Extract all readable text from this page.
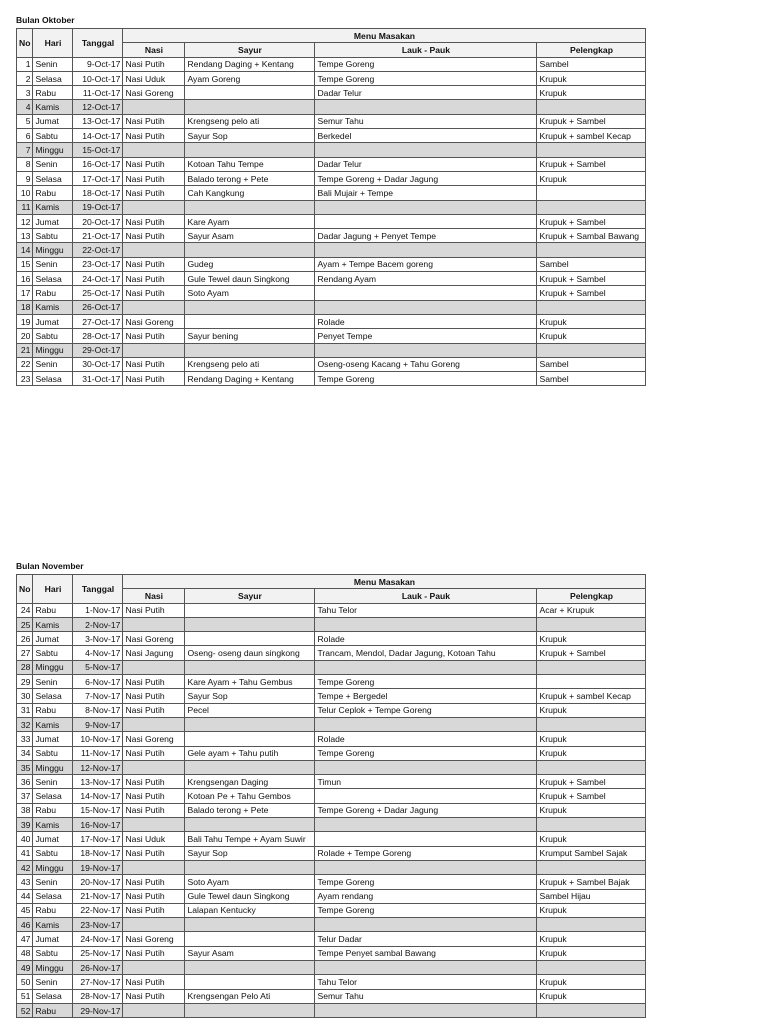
Bulan Oktober
No	Hari	Tanggal	Menu Masakan			
			Nasi	Sayur	Lauk - Pauk	Pelengkap
1	Senin	9-Oct-17	Nasi Putih	Rendang Daging + Kentang	Tempe Goreng	Sambel
2	Selasa	10-Oct-17	Nasi Uduk	Ayam Goreng	Tempe Goreng	Krupuk
3	Rabu	11-Oct-17	Nasi Goreng		Dadar Telur	Krupuk
4	Kamis	12-Oct-17				
5	Jumat	13-Oct-17	Nasi Putih	Krengseng pelo ati	Semur Tahu	Krupuk + Sambel
6	Sabtu	14-Oct-17	Nasi Putih	Sayur Sop	Berkedel	Krupuk + sambel Kecap
7	Minggu	15-Oct-17				
8	Senin	16-Oct-17	Nasi Putih	Kotoan Tahu Tempe	Dadar Telur	Krupuk + Sambel
9	Selasa	17-Oct-17	Nasi Putih	Balado terong + Pete	Tempe Goreng + Dadar Jagung	Krupuk
10	Rabu	18-Oct-17	Nasi Putih	Cah Kangkung	Bali Mujair + Tempe	
11	Kamis	19-Oct-17				
12	Jumat	20-Oct-17	Nasi Putih	Kare Ayam		Krupuk + Sambel
13	Sabtu	21-Oct-17	Nasi Putih	Sayur Asam	Dadar Jagung + Penyet Tempe	Krupuk + Sambal Bawang
14	Minggu	22-Oct-17				
15	Senin	23-Oct-17	Nasi Putih	Gudeg	Ayam + Tempe Bacem goreng	Sambel
16	Selasa	24-Oct-17	Nasi Putih	Gule Tewel daun Singkong	Rendang Ayam	Krupuk + Sambel
17	Rabu	25-Oct-17	Nasi Putih	Soto Ayam		Krupuk + Sambel
18	Kamis	26-Oct-17				
19	Jumat	27-Oct-17	Nasi Goreng		Rolade	Krupuk
20	Sabtu	28-Oct-17	Nasi Putih	Sayur bening	Penyet Tempe	Krupuk
21	Minggu	29-Oct-17				
22	Senin	30-Oct-17	Nasi Putih	Krengseng pelo ati	Oseng-oseng Kacang + Tahu Goreng	Sambel
23	Selasa	31-Oct-17	Nasi Putih	Rendang Daging + Kentang	Tempe Goreng	Sambel
Bulan November
No	Hari	Tanggal	Menu Masakan			
			Nasi	Sayur	Lauk - Pauk	Pelengkap
24	Rabu	1-Nov-17	Nasi Putih		Tahu Telor	Acar + Krupuk
25	Kamis	2-Nov-17				
26	Jumat	3-Nov-17	Nasi Goreng		Rolade	Krupuk
27	Sabtu	4-Nov-17	Nasi Jagung	Oseng- oseng daun singkong	Trancam, Mendol, Dadar Jagung, Kotoan Tahu	Krupuk + Sambel
28	Minggu	5-Nov-17				
29	Senin	6-Nov-17	Nasi Putih	Kare Ayam + Tahu Gembus	Tempe Goreng	
30	Selasa	7-Nov-17	Nasi Putih	Sayur Sop	Tempe + Bergedel	Krupuk + sambel Kecap
31	Rabu	8-Nov-17	Nasi Putih	Pecel	Telur Ceplok + Tempe Goreng	Krupuk
32	Kamis	9-Nov-17				
33	Jumat	10-Nov-17	Nasi Goreng		Rolade	Krupuk
34	Sabtu	11-Nov-17	Nasi Putih	Gele ayam + Tahu putih	Tempe Goreng	Krupuk
35	Minggu	12-Nov-17				
36	Senin	13-Nov-17	Nasi Putih	Krengsengan Daging	Timun	Krupuk + Sambel
37	Selasa	14-Nov-17	Nasi Putih	Kotoan Pe + Tahu Gembos		Krupuk + Sambel
38	Rabu	15-Nov-17	Nasi Putih	Balado terong + Pete	Tempe Goreng + Dadar Jagung	Krupuk
39	Kamis	16-Nov-17				
40	Jumat	17-Nov-17	Nasi Uduk	Bali Tahu Tempe + Ayam Suwir		Krupuk
41	Sabtu	18-Nov-17	Nasi Putih	Sayur Sop	Rolade + Tempe Goreng	Krumput Sambel Sajak
42	Minggu	19-Nov-17				
43	Senin	20-Nov-17	Nasi Putih	Soto Ayam	Tempe Goreng	Krupuk + Sambel Bajak
44	Selasa	21-Nov-17	Nasi Putih	Gule Tewel daun Singkong	Ayam rendang	Sambel Hijau
45	Rabu	22-Nov-17	Nasi Putih	Lalapan Kentucky	Tempe Goreng	Krupuk
46	Kamis	23-Nov-17				
47	Jumat	24-Nov-17	Nasi Goreng		Telur Dadar	Krupuk
48	Sabtu	25-Nov-17	Nasi Putih	Sayur Asam	Tempe Penyet sambal Bawang	Krupuk
49	Minggu	26-Nov-17				
50	Senin	27-Nov-17	Nasi Putih		Tahu Telor	Krupuk
51	Selasa	28-Nov-17	Nasi Putih	Krengsengan Pelo Ati	Semur Tahu	Krupuk
52	Rabu	29-Nov-17				
